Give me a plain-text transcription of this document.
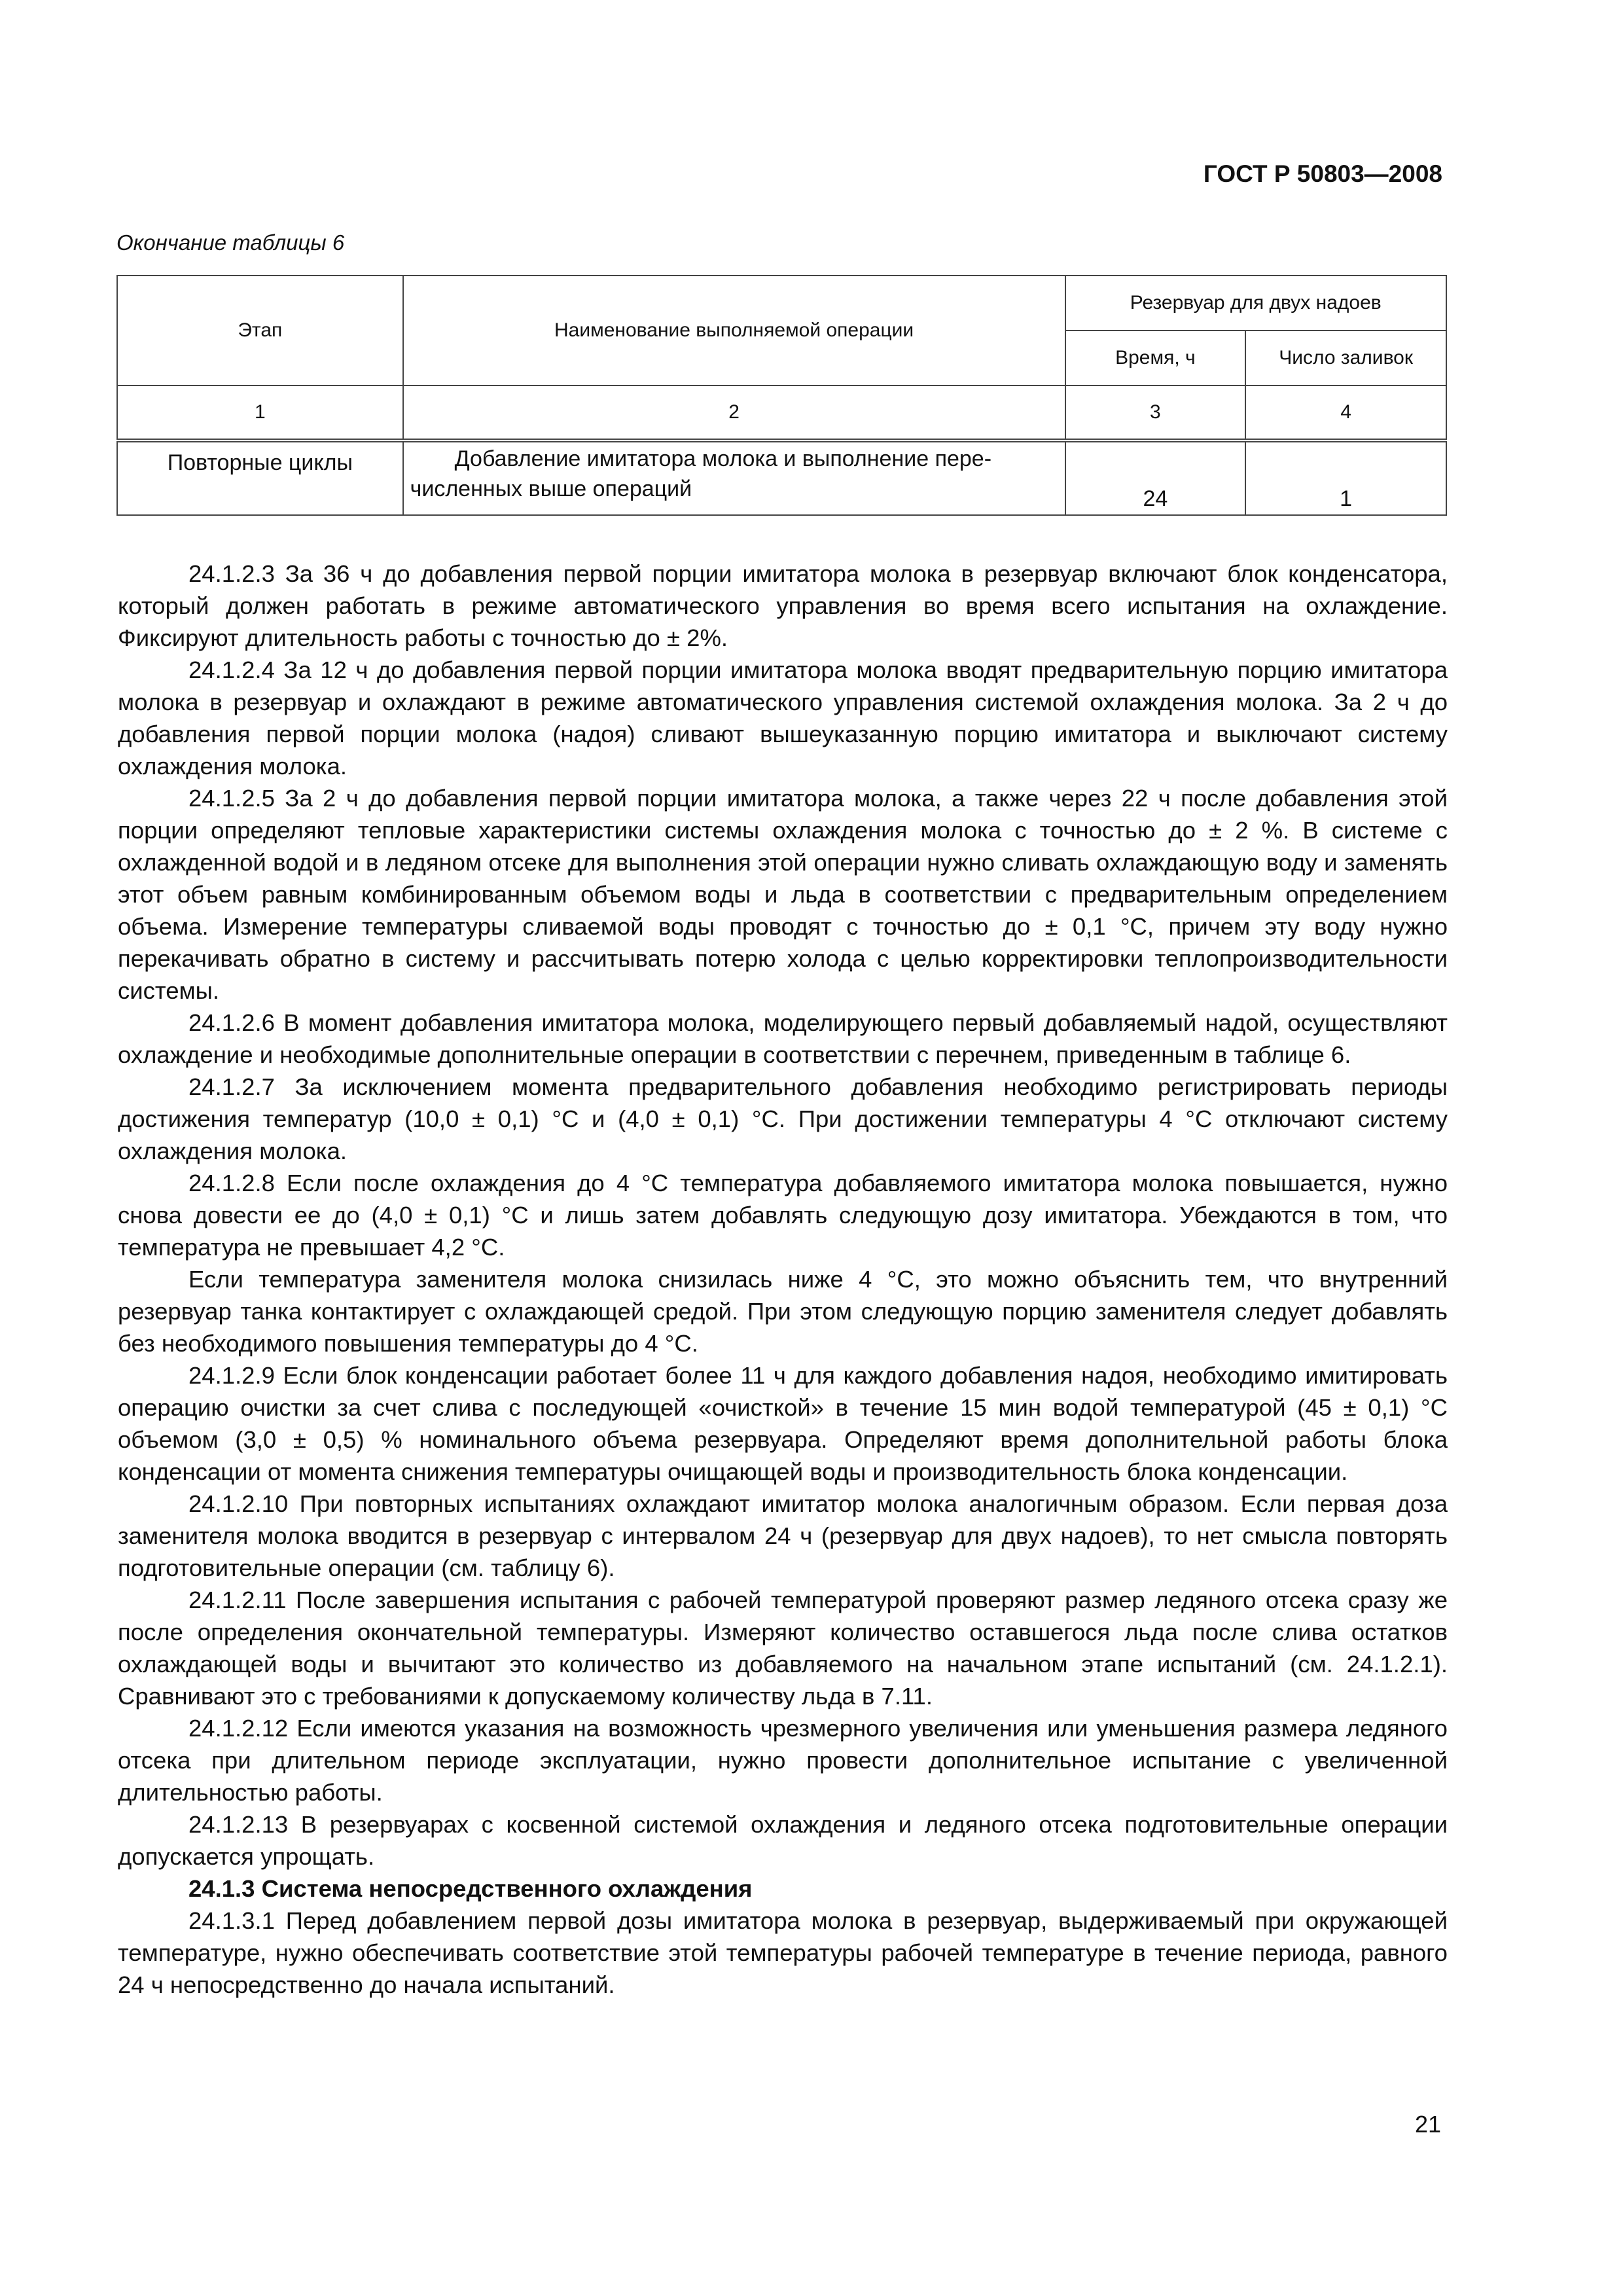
ГОСТ Р 50803—2008
Окончание таблицы 6
Этап	Наименование выполняемой операции	Резервуар для двух надоев	
		Время, ч	Число заливок
1	2	3	4
Повторные циклы	Добавление имитатора молока и выполнение перечисленных выше операций	24	1

24.1.2.3 За 36 ч до добавления первой порции имитатора молока в резервуар включают блок конденсатора, который должен работать в режиме автоматического управления во время всего испытания на охлаждение. Фиксируют длительность работы с точностью до ± 2%.

24.1.2.4 За 12 ч до добавления первой порции имитатора молока вводят предварительную порцию имитатора молока в резервуар и охлаждают в режиме автоматического управления системой охлаждения молока. За 2 ч до добавления первой порции молока (надоя) сливают вышеуказанную порцию имитатора и выключают систему охлаждения молока.

24.1.2.5 За 2 ч до добавления первой порции имитатора молока, а также через 22 ч после добавления этой порции определяют тепловые характеристики системы охлаждения молока с точностью до ± 2 %. В системе с охлажденной водой и в ледяном отсеке для выполнения этой операции нужно сливать охлаждающую воду и заменять этот объем равным комбинированным объемом воды и льда в соответствии с предварительным определением объема. Измерение температуры сливаемой воды проводят с точностью до ± 0,1 °С, причем эту воду нужно перекачивать обратно в систему и рассчитывать потерю холода с целью корректировки теплопроизводительности системы.

24.1.2.6 В момент добавления имитатора молока, моделирующего первый добавляемый надой, осуществляют охлаждение и необходимые дополнительные операции в соответствии с перечнем, приведенным в таблице 6.

24.1.2.7 За исключением момента предварительного добавления необходимо регистрировать периоды достижения температур (10,0 ± 0,1) °С и (4,0 ± 0,1) °С. При достижении температуры 4 °С отключают систему охлаждения молока.

24.1.2.8 Если после охлаждения до 4 °С температура добавляемого имитатора молока повышается, нужно снова довести ее до (4,0 ± 0,1) °С и лишь затем добавлять следующую дозу имитатора. Убеждаются в том, что температура не превышает 4,2 °С.

Если температура заменителя молока снизилась ниже 4 °С, это можно объяснить тем, что внутренний резервуар танка контактирует с охлаждающей средой. При этом следующую порцию заменителя следует добавлять без необходимого повышения температуры до 4 °С.

24.1.2.9 Если блок конденсации работает более 11 ч для каждого добавления надоя, необходимо имитировать операцию очистки за счет слива с последующей «очисткой» в течение 15 мин водой температурой (45 ± 0,1) °С объемом (3,0 ± 0,5) % номинального объема резервуара. Определяют время дополнительной работы блока конденсации от момента снижения температуры очищающей воды и производительность блока конденсации.

24.1.2.10 При повторных испытаниях охлаждают имитатор молока аналогичным образом. Если первая доза заменителя молока вводится в резервуар с интервалом 24 ч (резервуар для двух надоев), то нет смысла повторять подготовительные операции (см. таблицу 6).

24.1.2.11 После завершения испытания с рабочей температурой проверяют размер ледяного отсека сразу же после определения окончательной температуры. Измеряют количество оставшегося льда после слива остатков охлаждающей воды и вычитают это количество из добавляемого на начальном этапе испытаний (см. 24.1.2.1). Сравнивают это с требованиями к допускаемому количеству льда в 7.11.

24.1.2.12 Если имеются указания на возможность чрезмерного увеличения или уменьшения размера ледяного отсека при длительном периоде эксплуатации, нужно провести дополнительное испытание с увеличенной длительностью работы.

24.1.2.13 В резервуарах с косвенной системой охлаждения и ледяного отсека подготовительные операции допускается упрощать.

24.1.3 Система непосредственного охлаждения

24.1.3.1 Перед добавлением первой дозы имитатора молока в резервуар, выдерживаемый при окружающей температуре, нужно обеспечивать соответствие этой температуры рабочей температуре в течение периода, равного 24 ч непосредственно до начала испытаний.

21
